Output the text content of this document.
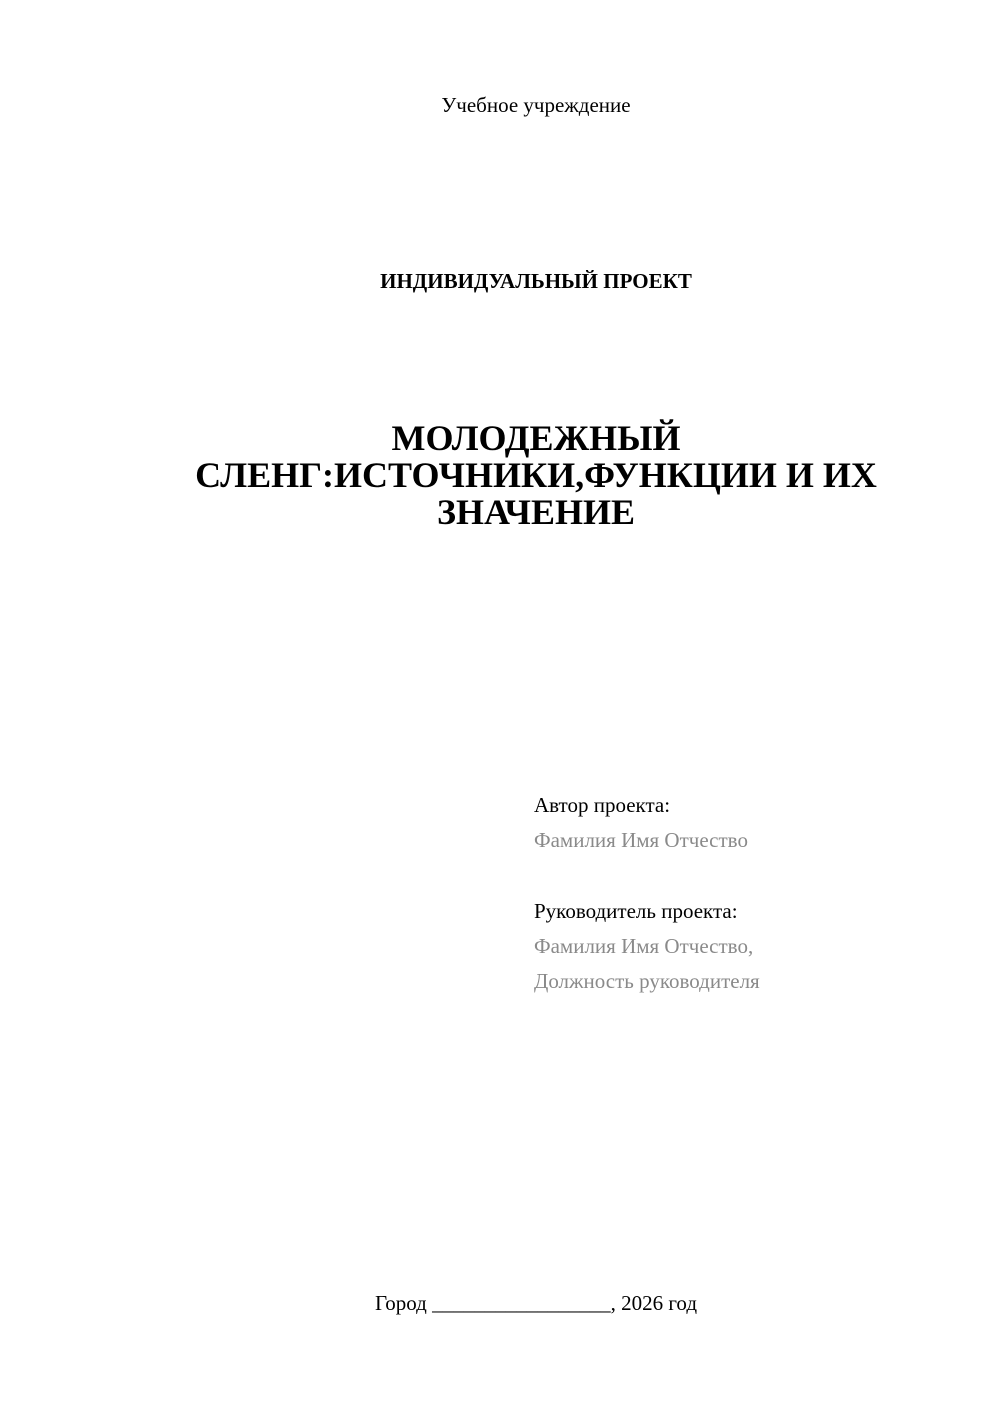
Учебное учреждение
ИНДИВИДУАЛЬНЫЙ ПРОЕКТ
МОЛОДЕЖНЫЙ
СЛЕНГ:ИСТОЧНИКИ,ФУНКЦИИ И ИХ
ЗНАЧЕНИЕ
Автор проекта:
Фамилия Имя Отчество
Руководитель проекта:
Фамилия Имя Отчество,
Должность руководителя
Город _________________, 2026 год
